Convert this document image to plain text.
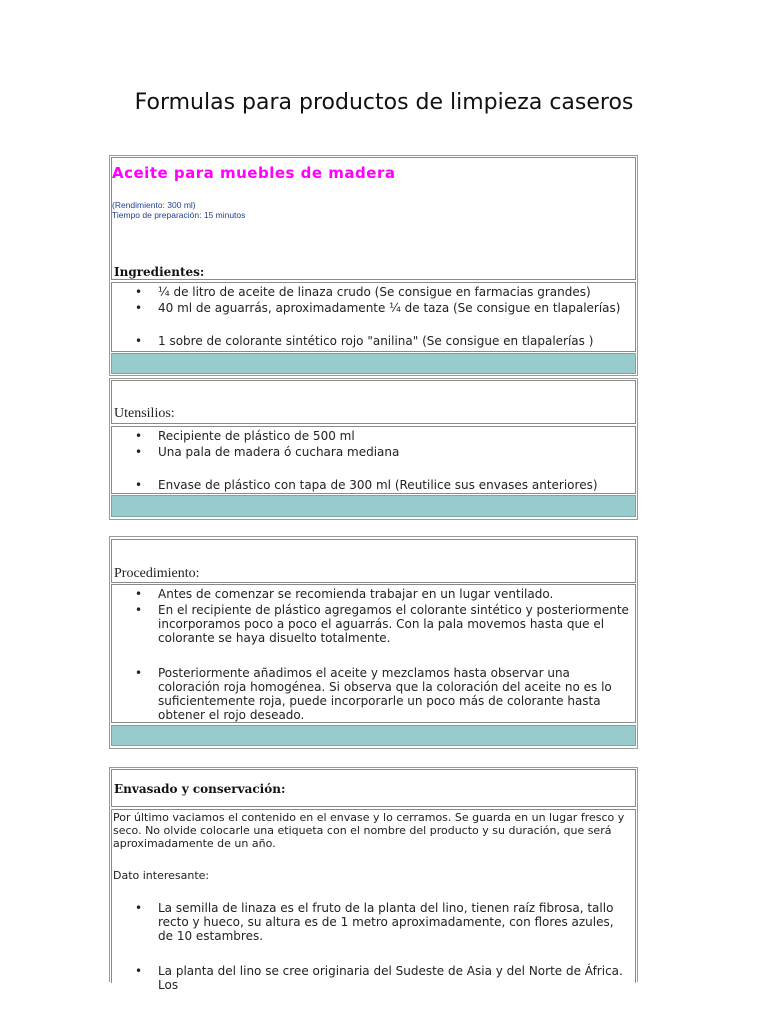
Formulas para productos de limpieza caseros
Aceite para muebles de madera
(Rendimiento: 300 ml)
Tiempo de preparación: 15 minutos
Ingredientes:
• ¼ de litro de aceite de linaza crudo (Se consigue en farmacias grandes)
• 40 ml de aguarrás, aproximadamente ¼ de taza (Se consigue en tlapalerías)
• 1 sobre de colorante sintético rojo "anilina" (Se consigue en tlapalerías )
Utensilios:
• Recipiente de plástico de 500 ml
• Una pala de madera ó cuchara mediana
• Envase de plástico con tapa de 300 ml (Reutilice sus envases anteriores)
Procedimiento:
• Antes de comenzar se recomienda trabajar en un lugar ventilado.
• En el recipiente de plástico agregamos el colorante sintético y posteriormente incorporamos poco a poco el aguarrás. Con la pala movemos hasta que el colorante se haya disuelto totalmente.
• Posteriormente añadimos el aceite y mezclamos hasta observar una coloración roja homogénea. Si observa que la coloración del aceite no es lo suficientemente roja, puede incorporarle un poco más de colorante hasta obtener el rojo deseado.
Envasado y conservación:
Por último vaciamos el contenido en el envase y lo cerramos. Se guarda en un lugar fresco y seco. No olvide colocarle una etiqueta con el nombre del producto y su duración, que será aproximadamente de un año.
Dato interesante:
• La semilla de linaza es el fruto de la planta del lino, tienen raíz fibrosa, tallo recto y hueco, su altura es de 1 metro aproximadamente, con flores azules, de 10 estambres.
• La planta del lino se cree originaria del Sudeste de Asia y del Norte de África. Los
